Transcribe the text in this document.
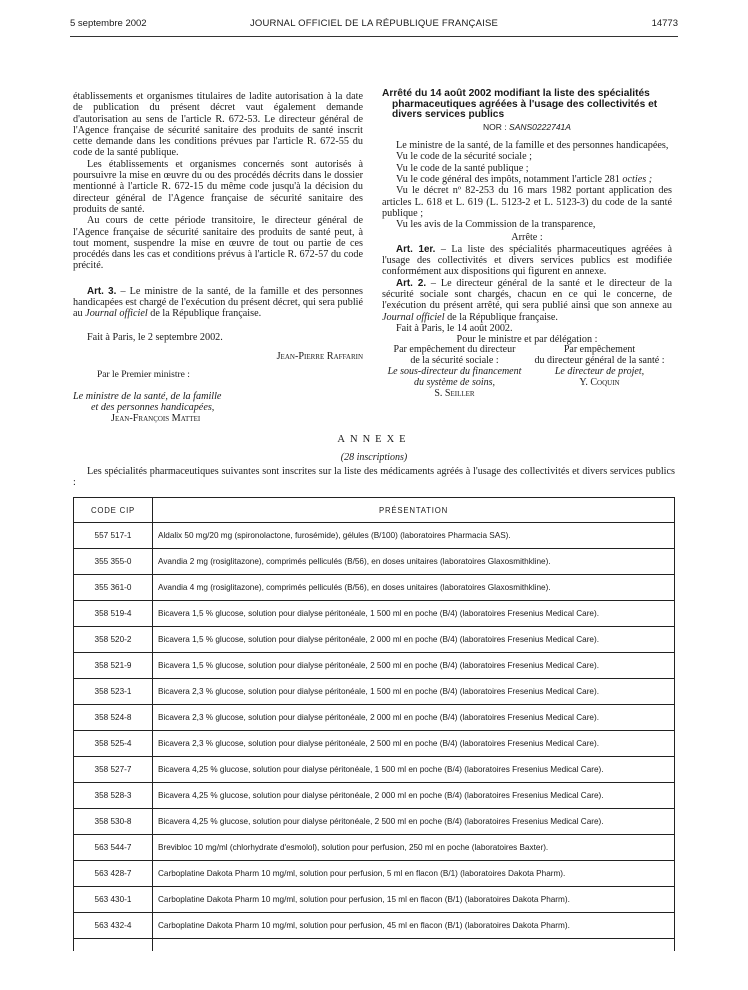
5 septembre 2002	JOURNAL OFFICIEL DE LA RÉPUBLIQUE FRANÇAISE	14773

établissements et organismes titulaires de ladite autorisation à la date de publication du présent décret vaut également demande d'autorisation au sens de l'article R. 672-53. Le directeur général de l'Agence française de sécurité sanitaire des produits de santé inscrit cette demande dans les conditions prévues par l'article R. 672-55 du code de la santé publique.

Les établissements et organismes concernés sont autorisés à poursuivre la mise en œuvre du ou des procédés décrits dans le dossier mentionné à l'article R. 672-15 du même code jusqu'à la décision du directeur général de l'Agence française de sécurité sanitaire des produits de santé.

Au cours de cette période transitoire, le directeur général de l'Agence française de sécurité sanitaire des produits de santé peut, à tout moment, suspendre la mise en œuvre de tout ou partie de ces procédés dans les cas et conditions prévus à l'article R. 672-57 du code précité.

Art. 3. – Le ministre de la santé, de la famille et des personnes handicapées est chargé de l'exécution du présent décret, qui sera publié au Journal officiel de la République française.

Fait à Paris, le 2 septembre 2002.

Jean-Pierre Raffarin

Par le Premier ministre :

Le ministre de la santé, de la famille

et des personnes handicapées,

Jean-François Mattei

Arrêté du 14 août 2002 modifiant la liste des spécialités
pharmaceutiques agréées à l'usage des collectivités et
divers services publics
NOR : SANS0222741A

Le ministre de la santé, de la famille et des personnes handicapées,

Vu le code de la sécurité sociale ;

Vu le code de la santé publique ;

Vu le code général des impôts, notamment l'article 281 octies ;

Vu le décret nº 82-253 du 16 mars 1982 portant application des articles L. 618 et L. 619 (L. 5123-2 et L. 5123-3) du code de la santé publique ;

Vu les avis de la Commission de la transparence,

Arrête :

Art. 1er. – La liste des spécialités pharmaceutiques agréées à l'usage des collectivités et divers services publics est modifiée conformément aux dispositions qui figurent en annexe.

Art. 2. – Le directeur général de la santé et le directeur de la sécurité sociale sont chargés, chacun en ce qui le concerne, de l'exécution du présent arrêté, qui sera publié ainsi que son annexe au Journal officiel de la République française.

Fait à Paris, le 14 août 2002.

Pour le ministre et par délégation :

Par empêchement du directeur
de la sécurité sociale :
Le sous-directeur du financement
du système de soins,
S. Seiller
Par empêchement
du directeur général de la santé :
Le directeur de projet,
Y. Coquin
ANNEXE
(28 inscriptions)

Les spécialités pharmaceutiques suivantes sont inscrites sur la liste des médicaments agréés à l'usage des collectivités et divers services publics :

CODE CIP	PRÉSENTATION
557 517-1	Aldalix 50 mg/20 mg (spironolactone, furosémide), gélules (B/100) (laboratoires Pharmacia SAS).
355 355-0	Avandia 2 mg (rosiglitazone), comprimés pelliculés (B/56), en doses unitaires (laboratoires Glaxosmithkline).
355 361-0	Avandia 4 mg (rosiglitazone), comprimés pelliculés (B/56), en doses unitaires (laboratoires Glaxosmithkline).
358 519-4	Bicavera 1,5 % glucose, solution pour dialyse péritonéale, 1 500 ml en poche (B/4) (laboratoires Fresenius Medical Care).
358 520-2	Bicavera 1,5 % glucose, solution pour dialyse péritonéale, 2 000 ml en poche (B/4) (laboratoires Fresenius Medical Care).
358 521-9	Bicavera 1,5 % glucose, solution pour dialyse péritonéale, 2 500 ml en poche (B/4) (laboratoires Fresenius Medical Care).
358 523-1	Bicavera 2,3 % glucose, solution pour dialyse péritonéale, 1 500 ml en poche (B/4) (laboratoires Fresenius Medical Care).
358 524-8	Bicavera 2,3 % glucose, solution pour dialyse péritonéale, 2 000 ml en poche (B/4) (laboratoires Fresenius Medical Care).
358 525-4	Bicavera 2,3 % glucose, solution pour dialyse péritonéale, 2 500 ml en poche (B/4) (laboratoires Fresenius Medical Care).
358 527-7	Bicavera 4,25 % glucose, solution pour dialyse péritonéale, 1 500 ml en poche (B/4) (laboratoires Fresenius Medical Care).
358 528-3	Bicavera 4,25 % glucose, solution pour dialyse péritonéale, 2 000 ml en poche (B/4) (laboratoires Fresenius Medical Care).
358 530-8	Bicavera 4,25 % glucose, solution pour dialyse péritonéale, 2 500 ml en poche (B/4) (laboratoires Fresenius Medical Care).
563 544-7	Brevibloc 10 mg/ml (chlorhydrate d'esmolol), solution pour perfusion, 250 ml en poche (laboratoires Baxter).
563 428-7	Carboplatine Dakota Pharm 10 mg/ml, solution pour perfusion, 5 ml en flacon (B/1) (laboratoires Dakota Pharm).
563 430-1	Carboplatine Dakota Pharm 10 mg/ml, solution pour perfusion, 15 ml en flacon (B/1) (laboratoires Dakota Pharm).
563 432-4	Carboplatine Dakota Pharm 10 mg/ml, solution pour perfusion, 45 ml en flacon (B/1) (laboratoires Dakota Pharm).
